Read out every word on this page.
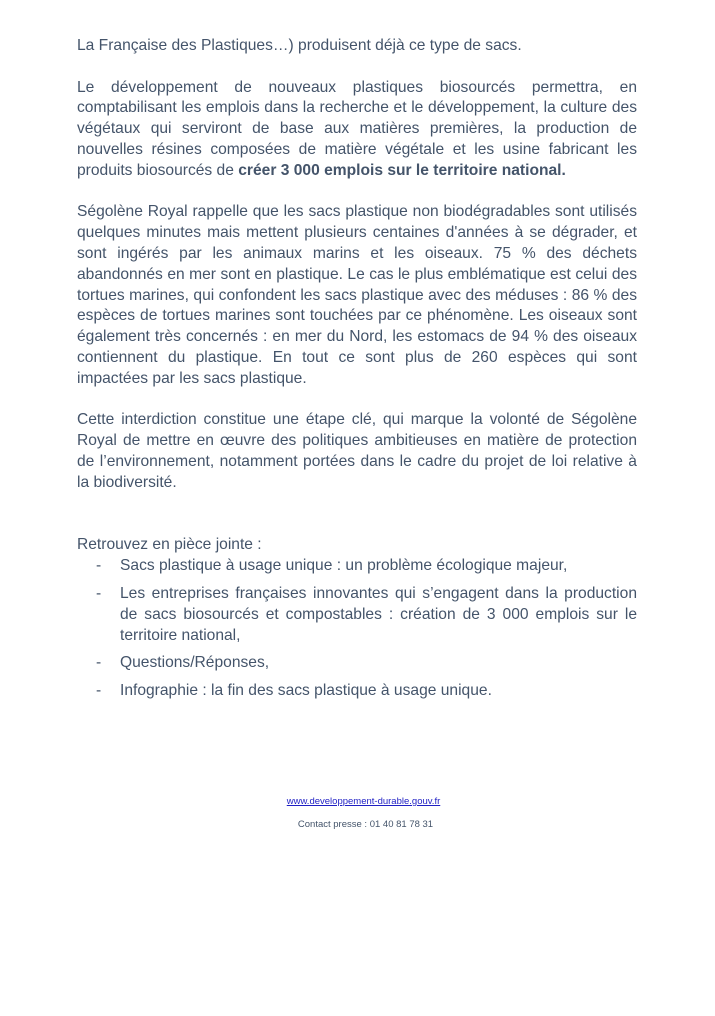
La Française des Plastiques…) produisent déjà ce type de sacs.

Le développement de nouveaux plastiques biosourcés permettra, en comptabilisant les emplois dans la recherche et le développement, la culture des végétaux qui serviront de base aux matières premières, la production de nouvelles résines composées de matière végétale et les usine fabricant les produits biosourcés de créer 3 000 emplois sur le territoire national.

Ségolène Royal rappelle que les sacs plastique non biodégradables sont utilisés quelques minutes mais mettent plusieurs centaines d'années à se dégrader, et sont ingérés par les animaux marins et les oiseaux. 75 % des déchets abandonnés en mer sont en plastique. Le cas le plus emblématique est celui des tortues marines, qui confondent les sacs plastique avec des méduses : 86 % des espèces de tortues marines sont touchées par ce phénomène. Les oiseaux sont également très concernés : en mer du Nord, les estomacs de 94 % des oiseaux contiennent du plastique. En tout ce sont plus de 260 espèces qui sont impactées par les sacs plastique.

Cette interdiction constitue une étape clé, qui marque la volonté de Ségolène Royal de mettre en œuvre des politiques ambitieuses en matière de protection de l’environnement, notamment portées dans le cadre du projet de loi relative à la biodiversité.

Retrouvez en pièce jointe :

- Sacs plastique à usage unique : un problème écologique majeur,
- Les entreprises françaises innovantes qui s’engagent dans la production de sacs biosourcés et compostables : création de 3 000 emplois sur le territoire national,
- Questions/Réponses,
- Infographie : la fin des sacs plastique à usage unique.
www.developpement-durable.gouv.fr
Contact presse : 01 40 81 78 31
